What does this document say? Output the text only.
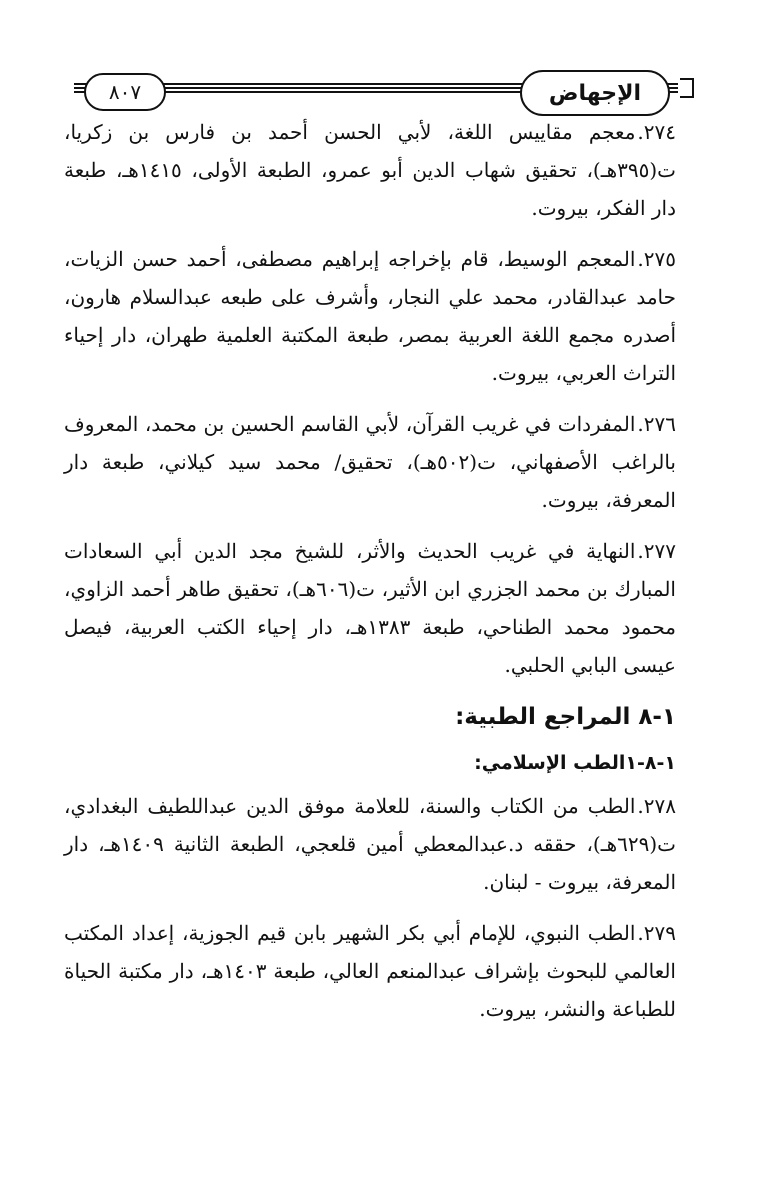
الإجهاض
٨٠٧

٢٧٤.معجم مقاييس اللغة، لأبي الحسن أحمد بن فارس بن زكريا، ت(٣٩٥هـ)، تحقيق شهاب الدين أبو عمرو، الطبعة الأولى، ١٤١٥هـ، طبعة دار الفكر، بيروت.

٢٧٥.المعجم الوسيط، قام بإخراجه إبراهيم مصطفى، أحمد حسن الزيات، حامد عبدالقادر، محمد علي النجار، وأشرف على طبعه عبدالسلام هارون، أصدره مجمع اللغة العربية بمصر، طبعة المكتبة العلمية طهران، دار إحياء التراث العربي، بيروت.

٢٧٦.المفردات في غريب القرآن، لأبي القاسم الحسين بن محمد، المعروف بالراغب الأصفهاني، ت(٥٠٢هـ)، تحقيق/ محمد سيد كيلاني، طبعة دار المعرفة، بيروت.

٢٧٧.النهاية في غريب الحديث والأثر، للشيخ مجد الدين أبي السعادات المبارك بن محمد الجزري ابن الأثير، ت(٦٠٦هـ)، تحقيق طاهر أحمد الزاوي، محمود محمد الطناحي، طبعة ١٣٨٣هـ، دار إحياء الكتب العربية، فيصل عيسى البابي الحلبي.

١-٨ المراجع الطبية:
١-٨-١الطب الإسلامي:

٢٧٨.الطب من الكتاب والسنة، للعلامة موفق الدين عبداللطيف البغدادي، ت(٦٢٩هـ)، حققه د.عبدالمعطي أمين قلعجي، الطبعة الثانية ١٤٠٩هـ، دار المعرفة، بيروت - لبنان.

٢٧٩.الطب النبوي، للإمام أبي بكر الشهير بابن قيم الجوزية، إعداد المكتب العالمي للبحوث بإشراف عبدالمنعم العالي، طبعة ١٤٠٣هـ، دار مكتبة الحياة للطباعة والنشر، بيروت.
